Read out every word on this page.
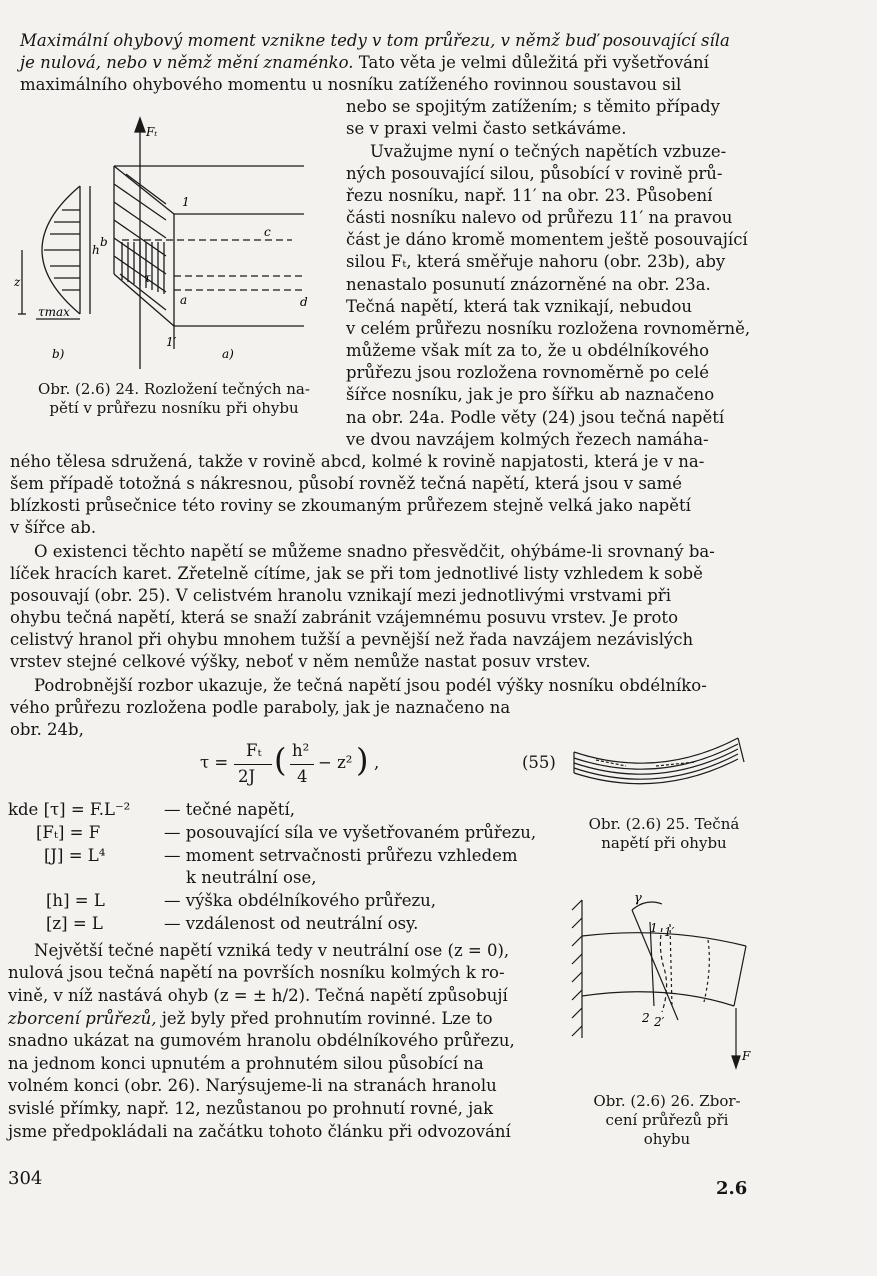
Maximální ohybový moment vznikne tedy v tom průřezu, v němž buď posouvající síla

je nulová, nebo v němž mění znaménko. Tato věta je velmi důležitá při vyšetřování

maximálního ohybového momentu u nosníku zatíženého rovinnou soustavou sil

nebo se spojitým zatížením; s těmito případy

se v praxi velmi často setkáváme.

Uvažujme nyní o tečných napětích vzbuze-

ných posouvající silou, působící v rovině prů-

řezu nosníku, např. 11′ na obr. 23. Působení

části nosníku nalevo od průřezu 11′ na pravou

část je dáno kromě momentem ještě posouvající

silou Fₜ, která směřuje nahoru (obr. 23b), aby

nenastalo posunutí znázorněné na obr. 23a.

Tečná napětí, která tak vznikají, nebudou

v celém průřezu nosníku rozložena rovnoměrně,

můžeme však mít za to, že u obdélníkového

průřezu jsou rozložena rovnoměrně po celé

šířce nosníku, jak je pro šířku ab naznačeno

na obr. 24a. Podle věty (24) jsou tečná napětí

ve dvou navzájem kolmých řezech namáha-

Fₜ
1
1′
b
c
a	d
h
z	τ
τmax
b)	a)
Obr. (2.6) 24. Rozložení tečných na-
pětí v průřezu nosníku při ohybu

ného tělesa sdružená, takže v rovině abcd, kolmé k rovině napjatosti, která je v na-

šem případě totožná s nákresnou, působí rovněž tečná napětí, která jsou v samé

blízkosti průsečnice této roviny se zkoumaným průřezem stejně velká jako napětí

v šířce ab.

O existenci těchto napětí se můžeme snadno přesvědčit, ohýbáme-li srovnaný ba-

líček hracích karet. Zřetelně cítíme, jak se při tom jednotlivé listy vzhledem k sobě

posouvají (obr. 25). V celistvém hranolu vznikají mezi jednotlivými vrstvami při

ohybu tečná napětí, která se snaží zabránit vzájemnému posuvu vrstev. Je proto

celistvý hranol při ohybu mnohem tužší a pevnější než řada navzájem nezávislých

vrstev stejné celkové výšky, neboť v něm nemůže nastat posuv vrstev.

Podrobnější rozbor ukazuje, že tečná napětí jsou podél výšky nosníku obdélníko-

vého průřezu rozložena podle paraboly, jak je naznačeno na

obr. 24b,

τ =
Fₜ
2J ( h²
4
− z² ) ,	(55)
kde [τ] = F.L⁻² — tečné napětí,
[Fₜ] = F	— posouvající síla ve vyšetřovaném průřezu,
[J] = L⁴	— moment setrvačnosti průřezu vzhledem
k neutrální ose,
[h] = L	— výška obdélníkového průřezu,
[z] = L	— vzdálenost od neutrální osy.
Obr. (2.6) 25. Tečná
napětí při ohybu

Největší tečné napětí vzniká tedy v neutrální ose (z = 0),

nulová jsou tečná napětí na površích nosníku kolmých k ro-

vině, v níž nastává ohyb (z = ± h/2). Tečná napětí způsobují

zborcení průřezů, jež byly před prohnutím rovinné. Lze to

snadno ukázat na gumovém hranolu obdélníkového průřezu,

na jednom konci upnutém a prohnutém silou působící na

volném konci (obr. 26). Narýsujeme-li na stranách hranolu

svislé přímky, např. 12, nezůstanou po prohnutí rovné, jak

jsme předpokládali na začátku tohoto článku při odvozování

γ
1 1′
2 2′
F
Obr. (2.6) 26. Zbor-
cení průřezů při
ohybu
304	2.6
